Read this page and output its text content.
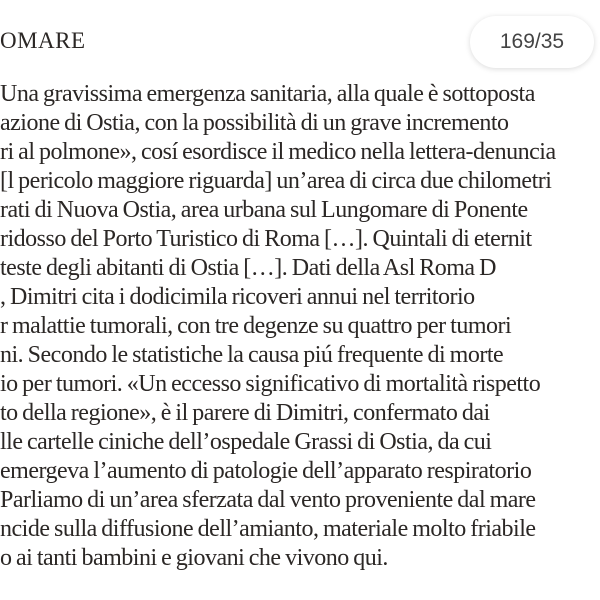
OMARE	169/35
Una gravissima emergenza sanitaria, alla quale è sottoposta
azione di Ostia, con la possibilità di un grave incremento
ri al polmone», cosí esordisce il medico nella lettera-denuncia
[l pericolo maggiore riguarda] un’area di circa due chilometri
rati di Nuova Ostia, area urbana sul Lungomare di Ponente
ridosso del Porto Turistico di Roma […]. Quintali di eternit
teste degli abitanti di Ostia […]. Dati della Asl Roma D
, Dimitri cita i dodicimila ricoveri annui nel territorio
r malattie tumorali, con tre degenze su quattro per tumori
ni. Secondo le statistiche la causa piú frequente di morte
io per tumori. «Un eccesso significativo di mortalità rispetto
to della regione», è il parere di Dimitri, confermato dai
lle cartelle ciniche dell’ospedale Grassi di Ostia, da cui
emergeva l’aumento di patologie dell’apparato respiratorio
Parliamo di un’area sferzata dal vento proveniente dal mare
ncide sulla diffusione dell’amianto, materiale molto friabile
o ai tanti bambini e giovani che vivono qui.
